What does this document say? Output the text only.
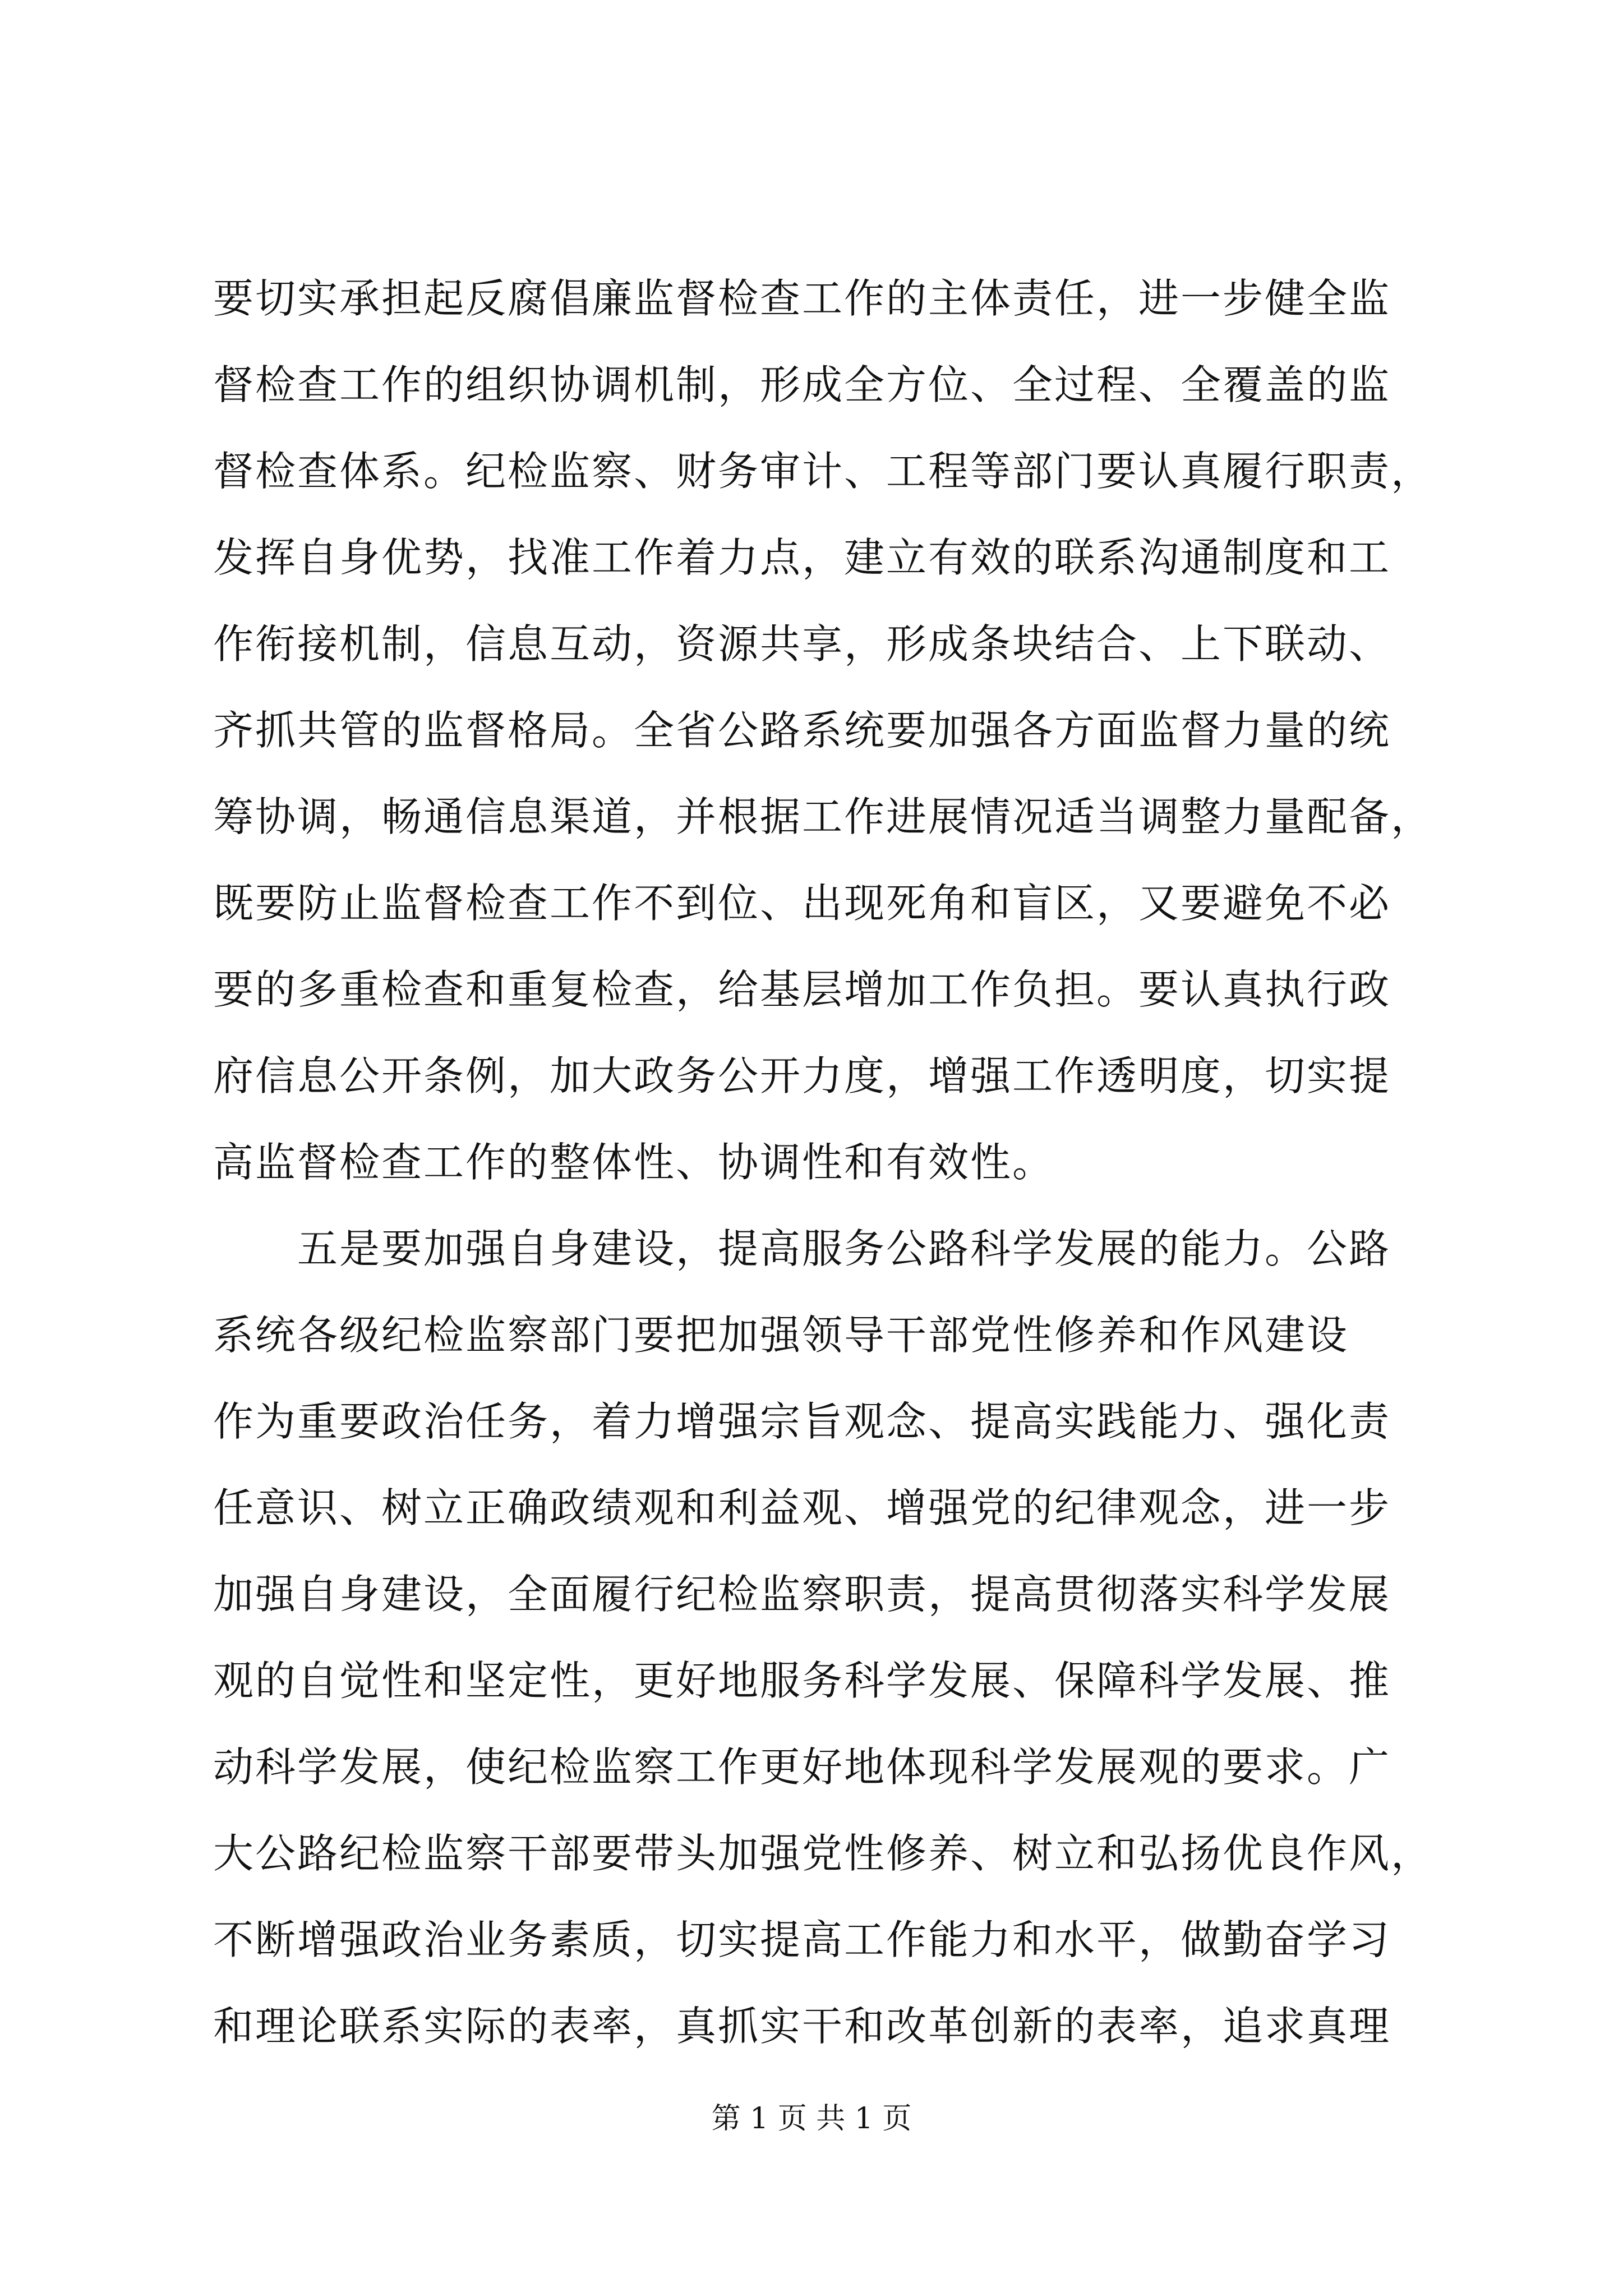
要切实承担起反腐倡廉监督检查工作的主体责任，进一步健全监
督检查工作的组织协调机制，形成全方位、全过程、全覆盖的监
督检查体系。纪检监察、财务审计、工程等部门要认真履行职责，
发挥自身优势，找准工作着力点，建立有效的联系沟通制度和工
作衔接机制，信息互动，资源共享，形成条块结合、上下联动、
齐抓共管的监督格局。全省公路系统要加强各方面监督力量的统
筹协调，畅通信息渠道，并根据工作进展情况适当调整力量配备，
既要防止监督检查工作不到位、出现死角和盲区，又要避免不必
要的多重检查和重复检查，给基层增加工作负担。要认真执行政
府信息公开条例，加大政务公开力度，增强工作透明度，切实提
高监督检查工作的整体性、协调性和有效性。
　　五是要加强自身建设，提高服务公路科学发展的能力。公路
系统各级纪检监察部门要把加强领导干部党性修养和作风建设
作为重要政治任务，着力增强宗旨观念、提高实践能力、强化责
任意识、树立正确政绩观和利益观、增强党的纪律观念，进一步
加强自身建设，全面履行纪检监察职责，提高贯彻落实科学发展
观的自觉性和坚定性，更好地服务科学发展、保障科学发展、推
动科学发展，使纪检监察工作更好地体现科学发展观的要求。广
大公路纪检监察干部要带头加强党性修养、树立和弘扬优良作风，
不断增强政治业务素质，切实提高工作能力和水平，做勤奋学习
和理论联系实际的表率，真抓实干和改革创新的表率，追求真理
第 1 页 共 1 页
